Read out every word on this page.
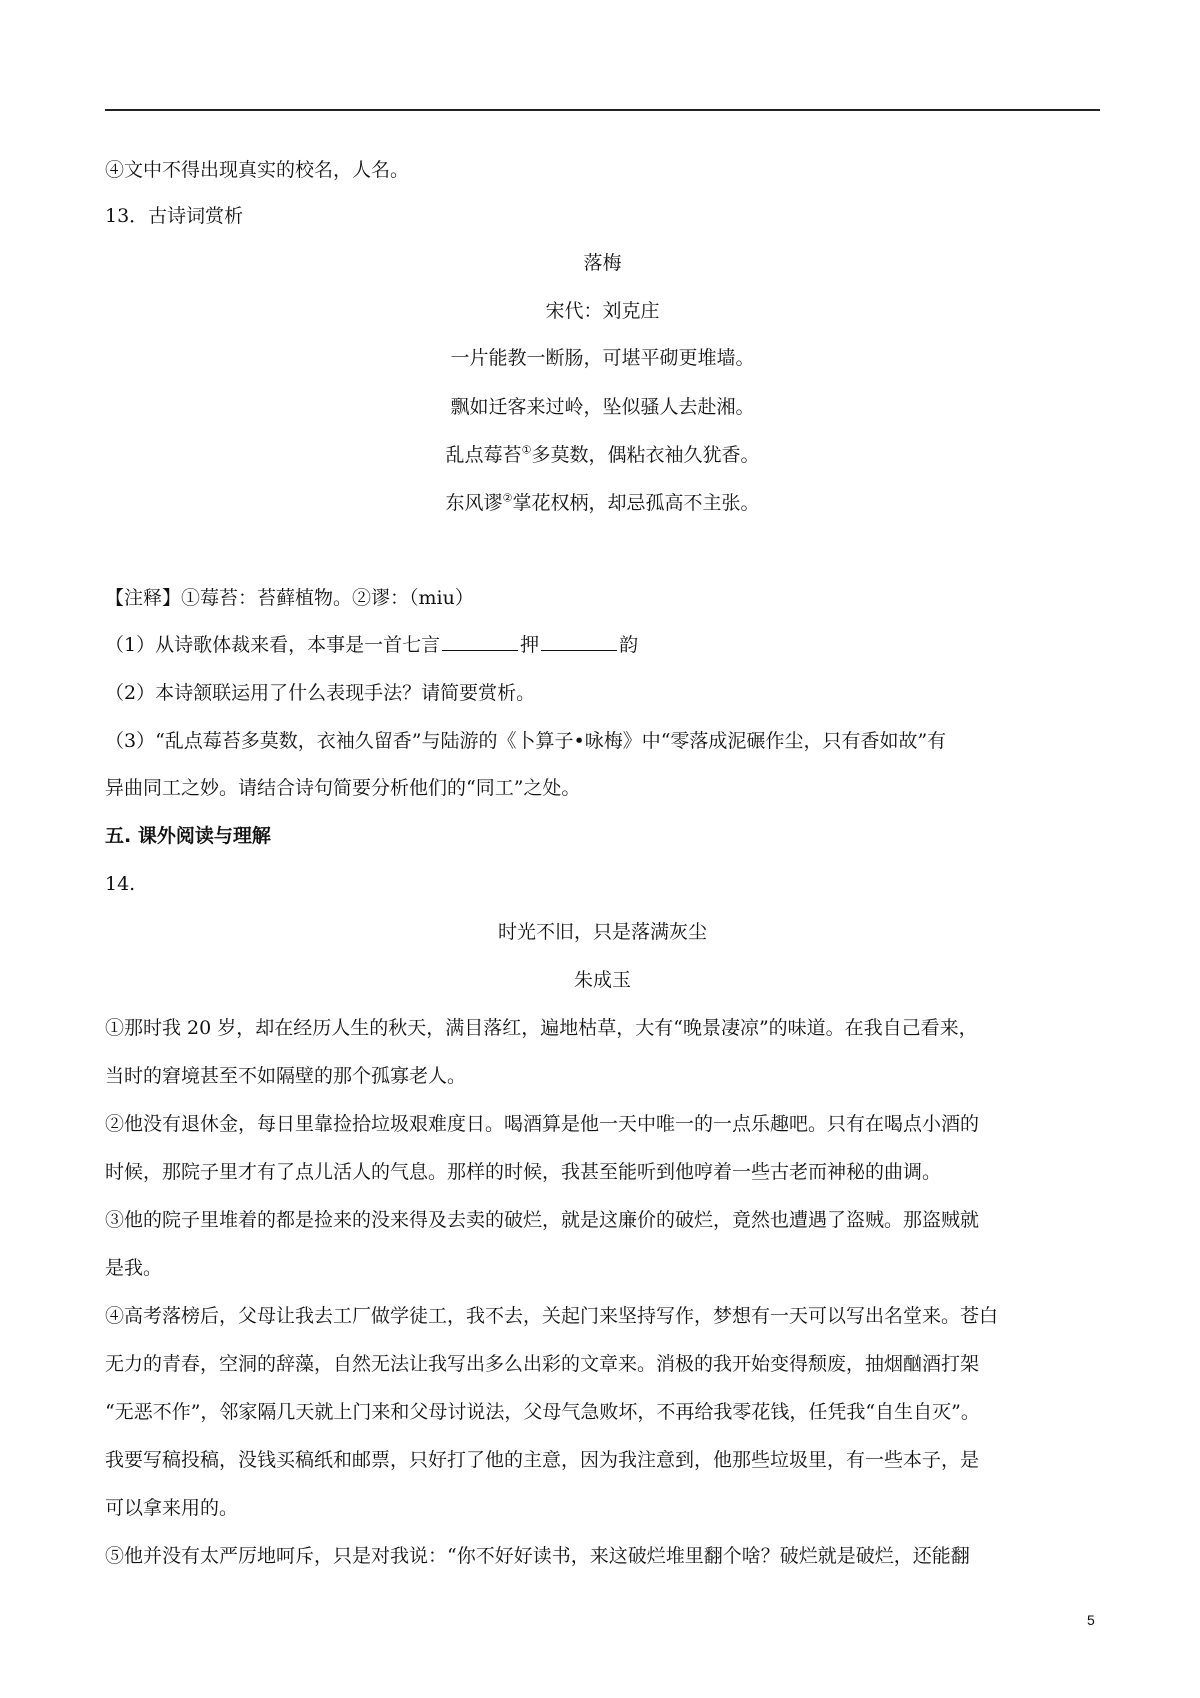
④文中不得出现真实的校名，人名。
13．古诗词赏析
落梅
宋代：刘克庄
一片能教一断肠，可堪平砌更堆墙。
飘如迁客来过岭，坠似骚人去赴湘。
乱点莓苔①多莫数，偶粘衣袖久犹香。
东风谬②掌花权柄，却忌孤高不主张。
【注释】①莓苔：苔藓植物。②谬：（miu）
（1）从诗歌体裁来看，本事是一首七言	押	韵
（2）本诗颔联运用了什么表现手法？请简要赏析。
（3）“乱点莓苔多莫数，衣袖久留香”与陆游的《卜算子•咏梅》中“零落成泥碾作尘，只有香如故”有
异曲同工之妙。请结合诗句简要分析他们的“同工”之处。
五. 课外阅读与理解
14.
时光不旧，只是落满灰尘
朱成玉
①那时我 20 岁，却在经历人生的秋天，满目落红，遍地枯草，大有“晚景凄凉”的味道。在我自己看来，
当时的窘境甚至不如隔壁的那个孤寡老人。
②他没有退休金，每日里靠捡拾垃圾艰难度日。喝酒算是他一天中唯一的一点乐趣吧。只有在喝点小酒的
时候，那院子里才有了点儿活人的气息。那样的时候，我甚至能听到他哼着一些古老而神秘的曲调。
③他的院子里堆着的都是捡来的没来得及去卖的破烂，就是这廉价的破烂，竟然也遭遇了盗贼。那盗贼就
是我。
④高考落榜后，父母让我去工厂做学徒工，我不去，关起门来坚持写作，梦想有一天可以写出名堂来。苍白
无力的青春，空洞的辞藻，自然无法让我写出多么出彩的文章来。消极的我开始变得颓废，抽烟酗酒打架
“无恶不作”，邻家隔几天就上门来和父母讨说法，父母气急败坏，不再给我零花钱，任凭我“自生自灭”。
我要写稿投稿，没钱买稿纸和邮票，只好打了他的主意，因为我注意到，他那些垃圾里，有一些本子，是
可以拿来用的。
⑤他并没有太严厉地呵斥，只是对我说：“你不好好读书，来这破烂堆里翻个啥？破烂就是破烂，还能翻
5
